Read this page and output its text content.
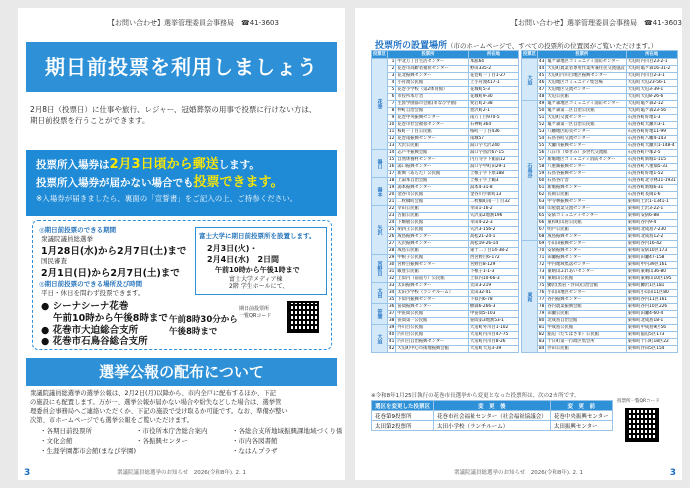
【お問い合わせ】選挙管理委員会事務局　☎41-3603
期日前投票を利用しましょう
2月8日（投票日）に仕事や旅行、レジャー、冠婚葬祭の用事で投票に行けない方は、
期日前投票を行うことができます。
投票所入場券は2月3日頃から郵送します。
投票所入場券が届かない場合でも投票できます。
※入場券が届きましたら、裏面の「宣誓書」をご記入の上、ご持参ください。
◎期日前投票のできる期間
衆議院議員総選挙
1月28日(水)から2月7日(土)まで
国民審査
2月1日(日)から2月7日(土)まで
◎期日前投票のできる場所及び時間
平日・休日を問わず投票できます。
● シーナシーナ花巻
午前10時から午後8時まで
● 花巻市大迫総合支所
● 花巻市石鳥谷総合支所
午前8時30分から
午後8時まで
富士大学に期日前投票所を設置します。
2月3日(火)・
2月4日(水)　2日間
午前10時から午後1時まで
富士大学メディア棟
2階 学生ホールにて、
期日前投票所
一覧QRコード
選挙公報の配布について
衆議院議員総選挙の選挙公報は、2月2日(月)以降から、市内全戸に配布するほか、下記
の施設にも配置します。万が一、選挙公報が届かない場合や紛失などした場合は、選挙管
理委員会事務局へご連絡いただくか、下記の施設で受け取るか可能です。なお、準備が整い
次第、市ホームページでも選挙公報をご覧いただけます。
・各期日前投票所	・市役所本庁舎総合案内	・各総合支所地域振興課地域づくり係 ・文化会館	・各振興センター	・市内各図書館 ・生涯学園都市会館(まなび学園)	・なはんプラザ
衆議院議員総選挙のお知らせ　2026(令和8年). 2. 1
3
【お問い合わせ】選挙管理委員会事務局　☎41-3603
投票所の設置場所（市のホームページで、すべての投票所の位置図がご覧いただけます。）
投票区	投票所		所在地
花巻	1	中北万丁目生活センター	本舘64
	2	花巻市高齢者福祉センター	野田335-2
	3	花北振興センター	花巻町一丁目1-27
	4	小舟渡公民館	上小舟渡417-1
	5	花巻小学校（第2体育館）	花城町5-3
	6	市役所本庁舎	花城町9-30
	7	生涯学園都市会館(まなび学園)	愛宕町2-38
	8	仲町自治会館	豊沢町2-1
	9	花巻中央振興センター	南万丁目970-5
	10	花巻市社会福祉センター	石神町364
	11	桜町一丁目公民館	桜町一丁目436
	12	花巻南振興センター	南城57
	13	大沢公民館	湯口字大沢240
湯口	14	志戸平振興会館	湯口字鳥沢67-15
	15	自然休養村センター	円万寺字下館前12
	16	湯口振興センター	湯口字中町田29-1
	17	新興（あらた）公民館	上根子字下原188
湯本	18	上湯本自治会館	上根子字上鶴3
	19	湯本振興センター	湯本4-31-8
	20	金谷川公民館	金谷川字新町13
	21	二枚橋町会館	二枚橋町南一丁目32
矢沢	22	幸田公民館	幸田1-16-2
	23	古館公民館	矢沢第2地割196
	24	下駒板公民館	幸田4-22-3
	25	胡四王公民館	矢沢3-156-2
	26	成島振興センター	高松21-24-1
	27	矢沢振興センター	高松19-26-14
	28	成島公民館	東十二丁目14-38-2
宮野目	29	中根子公民館	西宮野目6-172
	30	宮野目振興センター	宮野目8-129
	31	飯豊公民館	下根子1-1-3
	32	上似内（前道り）公民館	上似内10-66-3
太田	33	太田振興センター	太田3-219
	34	太田小学校（ランチルーム）	太田32-41
	35	下似内振興センター	下似内6-78
笹間	36	笹間振興センター	横森6-266-3
	37	中笹間公民館	中笹間5-103
	38	笹間第一公民館	笹間第3地割53-1
大迫	39	外川目公民館	大迫町外川目1-102
	40	内川目公民館	大迫町内川目47-75
	41	内川目自治振興センター	大迫町内川目8-26
	42	大迫町中心市街地振興会館	大迫町大迫3-39
投票区	投票所		所在地
大迫	43	亀ケ森地区コミュニティ消防センター	大迫町内川目23-2-1
	44	大迫町農業者専用作業所兼住民交流施設	大迫町亀ケ森16-31-2
	45	大迫町内川目地区振興センター	大迫町内川目2-3-1
	46	大迫地区コミュニティ集会場	大迫町大迫23-56-1
	47	大迫地区交流センター	大迫町大迫3-39-1
	48	大迫公民館	大迫町大迫8-26-6
石鳥谷	49	亀ケ森地区コミュニティ消防センター	大迫町亀ケ森2-12
	50	亀ケ森第二区自治公民館	大迫町亀ケ森23-56
	51	大迫町交流センター	石鳥谷町好地1-3
	52	亀ケ森第一区自治公民館	石鳥谷町大瀬川3-1
	53	八幡地区防災センター	石鳥谷町好地11-99
	54	石鳥谷町交流センター	石鳥谷町八幡4-143
	55	大瀬川振興センター	石鳥谷町大瀬川1-148-4
	56	八日市（ゆきみ）多世代交流館	石鳥谷町戸塚2-5
	57	新堀地区コミュニティ消防センター	石鳥谷町新堀1-115
	58	八重畑振興センター	石鳥谷町八重畑5-31
	59	石鳥谷振興センター	石鳥谷町好地1-52
	60	石鳥谷庁舎	石鳥谷町北寺林11-1931
	61	新堀振興センター	石鳥谷町新堀6-31
	62	長岡公民館	石鳥谷町長岡1-6
	63	中寺林振興センター	東和町土沢1-1341-1
	64	山屋農業交流センター	東和町土沢3-22-1
	65	安俵コミュニティセンター	東和町安俵6-88
	66	東和町山居公民館	東和町谷内9-4
	67	明戸公民館	東和町北成島7-230
	68	成島振興センター	東和町北成島12-2
東和	69	小山田振興センター	東和町谷内16-42
	70	安俵振興センター	東和町安俵10区173
	71	田瀬振興センター	東和町田瀬47-158
	72	中内地域集落センター	東和町中内39区161
	73	東晴山ふれあいセンター	東和町東晴山36-80
	74	東晴山公民館	東和町東晴山10区195
	75	鱒沢(黒岩・浮田)自治会館	東和町鱒沢1区181
	76	小山田地区センター	東和町小山田11区80
	77	谷内振興センター	東和町谷内11区161
	78	谷内農業振興会館	東和町谷内10区226
	79	田瀬公民館	東和町田瀬4-60-4
	80	北成島自治会館	東和町北成島18-1
	81	中成島公民館	東和町中成島9区56
	82	舘迫（たてばさま）公民館	東和町舘迫5区173
	83	十日町第一行政区集会所	東和町十日町18区22
	84	浮田公民館	東和町浮田5区154
※令和8年1月25日執行の花巻市長選挙から変更となった投票所は、次の2カ所です。
選区を変更した投票区	変　更　後	変　更　前
花巻第9投票所	花巻市社会福祉センター（社会福祉協議会）	花巻中央振興センター
太田第2投票所	太田小学校（ランチルーム）	太田振興センター
投票所一覧QRコード
衆議院議員総選挙のお知らせ　2026(令和8年). 2. 1	3
